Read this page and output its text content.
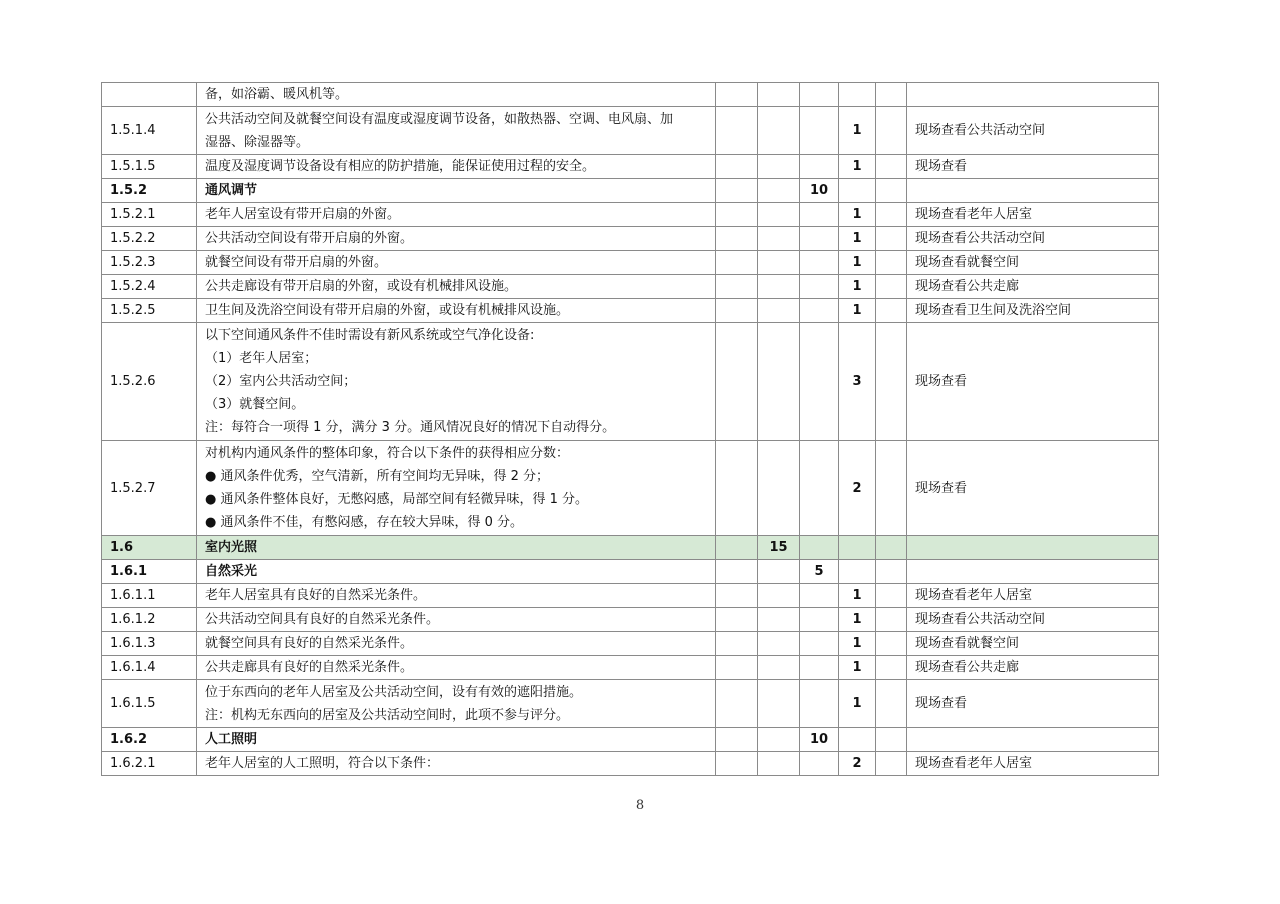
	备，如浴霸、暖风机等。						

1.5.1.4	公共活动空间及就餐空间设有温度或湿度调节设备，如散热器、空调、电风扇、加
湿器、除湿器等。				1		现场查看公共活动空间
1.5.1.5	温度及湿度调节设备设有相应的防护措施，能保证使用过程的安全。				1		现场查看
1.5.2	通风调节			10			
1.5.2.1	老年人居室设有带开启扇的外窗。				1		现场查看老年人居室
1.5.2.2	公共活动空间设有带开启扇的外窗。				1		现场查看公共活动空间
1.5.2.3	就餐空间设有带开启扇的外窗。				1		现场查看就餐空间
1.5.2.4	公共走廊设有带开启扇的外窗，或设有机械排风设施。				1		现场查看公共走廊
1.5.2.5	卫生间及洗浴空间设有带开启扇的外窗，或设有机械排风设施。				1		现场查看卫生间及洗浴空间
1.5.2.6	以下空间通风条件不佳时需设有新风系统或空气净化设备:
（1）老年人居室；
（2）室内公共活动空间；
（3）就餐空间。
注：每符合一项得 1 分，满分 3 分。通风情况良好的情况下自动得分。				3		现场查看
1.5.2.7	对机构内通风条件的整体印象，符合以下条件的获得相应分数：
● 通风条件优秀，空气清新，所有空间均无异味，得 2 分；
● 通风条件整体良好，无憋闷感，局部空间有轻微异味，得 1 分。
● 通风条件不佳，有憋闷感，存在较大异味，得 0 分。				2		现场查看
1.6	室内光照		15				
1.6.1	自然采光			5			
1.6.1.1	老年人居室具有良好的自然采光条件。				1		现场查看老年人居室
1.6.1.2	公共活动空间具有良好的自然采光条件。				1		现场查看公共活动空间
1.6.1.3	就餐空间具有良好的自然采光条件。				1		现场查看就餐空间
1.6.1.4	公共走廊具有良好的自然采光条件。				1		现场查看公共走廊
1.6.1.5	位于东西向的老年人居室及公共活动空间，设有有效的遮阳措施。
注：机构无东西向的居室及公共活动空间时，此项不参与评分。				1		现场查看
1.6.2	人工照明			10			
1.6.2.1	老年人居室的人工照明，符合以下条件：				2		现场查看老年人居室
8
